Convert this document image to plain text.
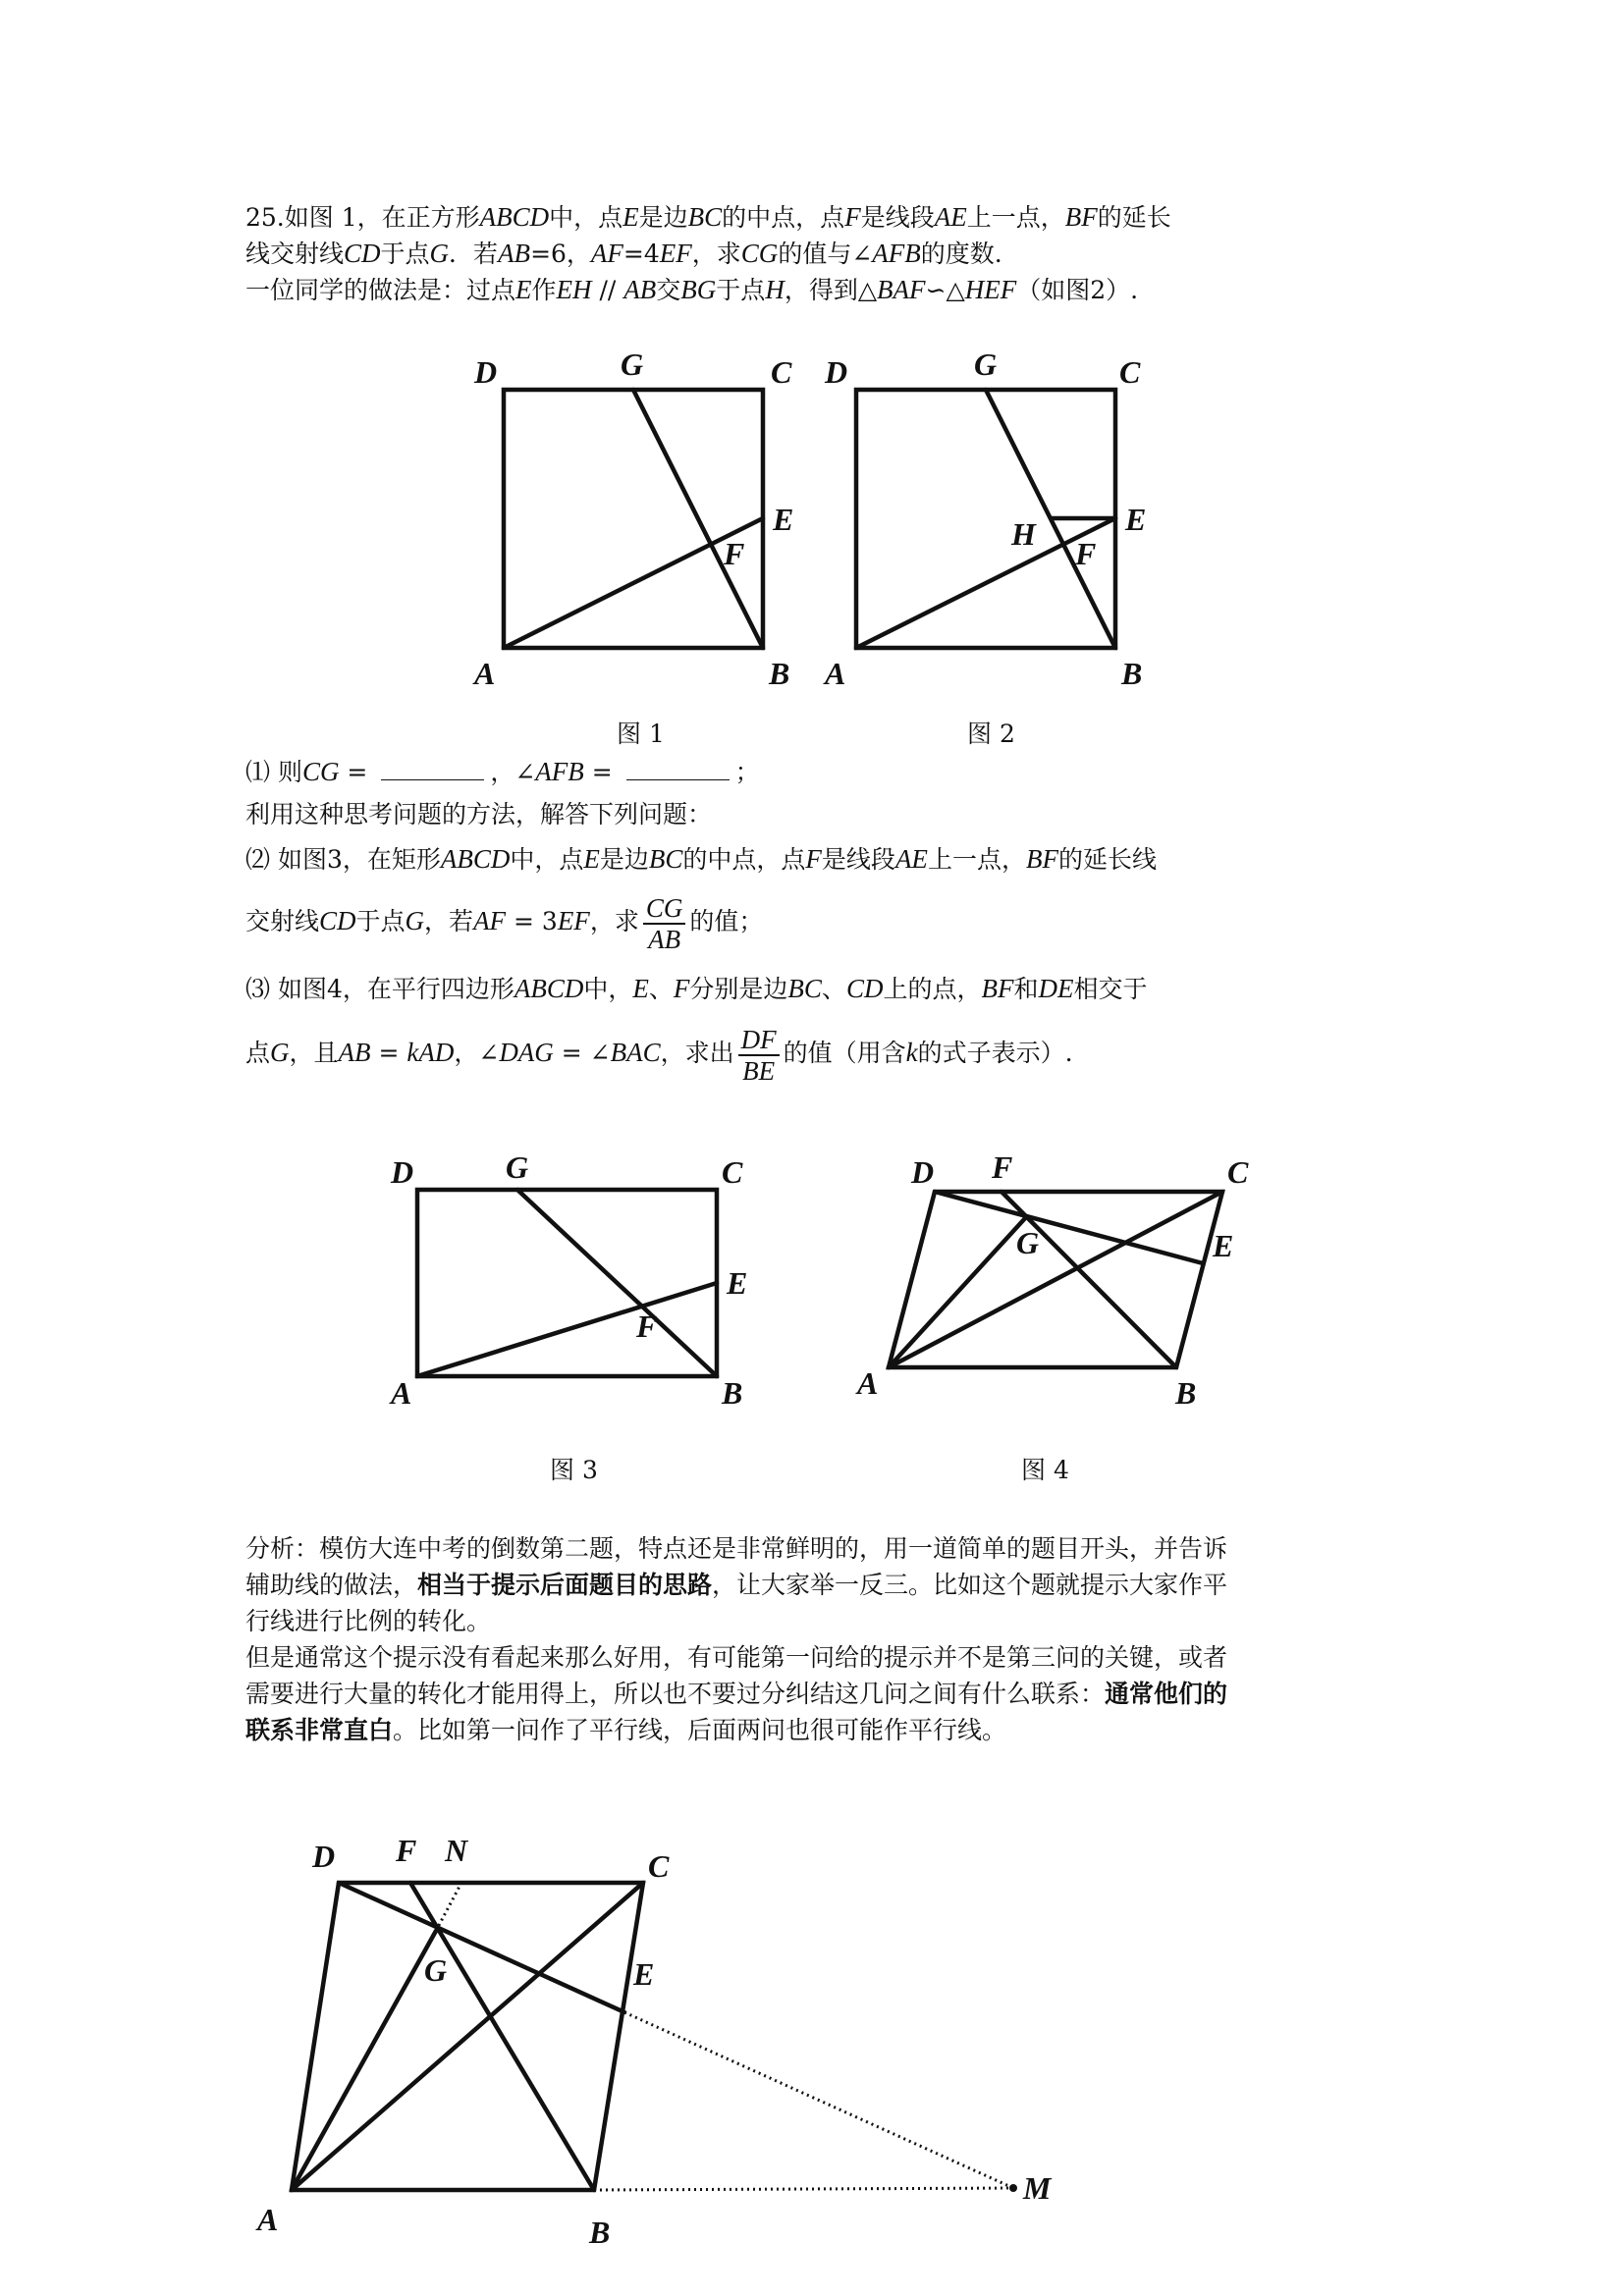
25.如图 1，在正方形ABCD中，点E是边BC的中点，点F是线段AE上一点，BF的延长
线交射线CD于点G．若AB=6，AF=4EF，求CG的值与∠AFB的度数.
一位同学的做法是：过点E作EH // AB交BG于点H，得到△BAF∽△HEF（如图2）.
D	G	C
E
F
A	B
图 1
D	G	C
E
H
F
A	B
图 2
⑴ 则CG =	，∠AFB =	；
利用这种思考问题的方法，解答下列问题：
⑵ 如图3，在矩形ABCD中，点E是边BC的中点，点F是线段AE上一点，BF的延长线
交射线CD于点G，若AF = 3EF，求 $\frac{CG}{AB}$ 的值；
⑶ 如图4，在平行四边形ABCD中，E、F分别是边BC、CD上的点，BF和DE相交于
点G，且AB = kAD，∠DAG = ∠BAC，求出 $\frac{DF}{BE}$ 的值（用含k的式子表示）.
D	G	C
E
F
A	B
图 3
D F	C
E
G
A	B
图 4
分析：模仿大连中考的倒数第二题，特点还是非常鲜明的，用一道简单的题目开头，并告诉
辅助线的做法，相当于提示后面题目的思路，让大家举一反三。比如这个题就提示大家作平
行线进行比例的转化。
但是通常这个提示没有看起来那么好用，有可能第一问给的提示并不是第三问的关键，或者
需要进行大量的转化才能用得上，所以也不要过分纠结这几问之间有什么联系：通常他们的
联系非常直白。比如第一问作了平行线，后面两问也很可能作平行线。
D F N	C
G	E
A	B
M
